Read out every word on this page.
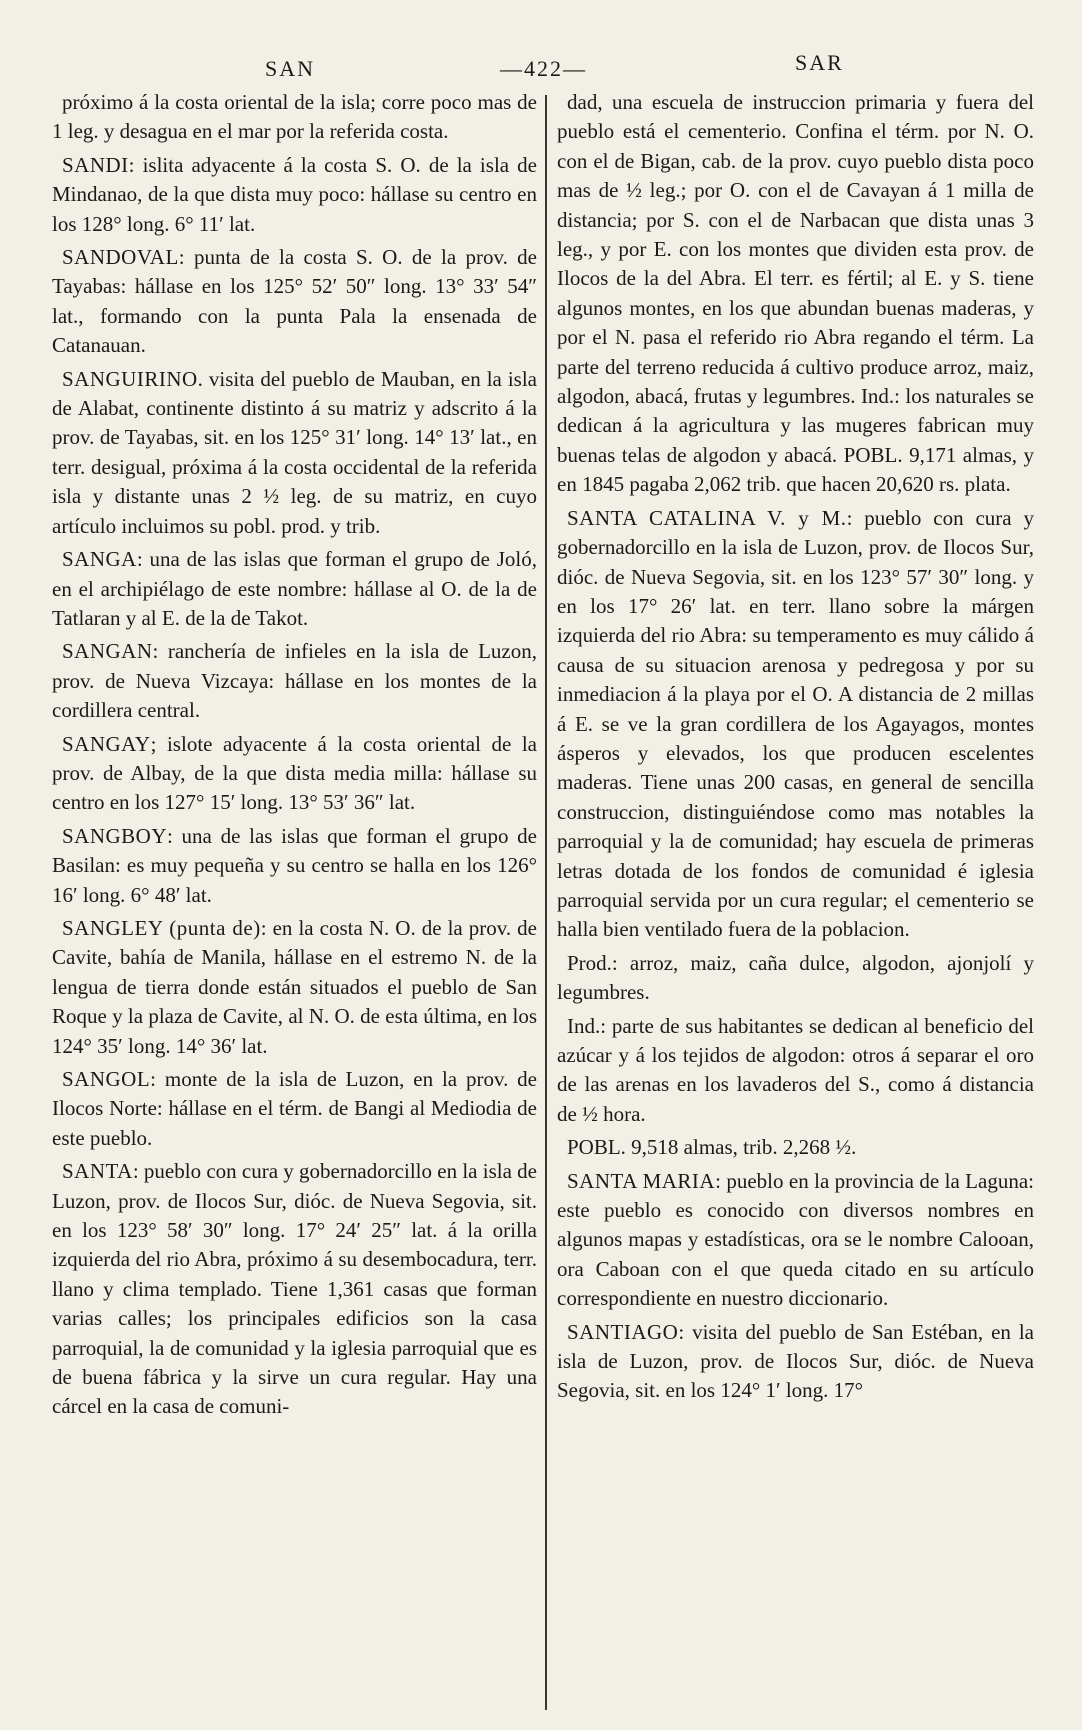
SAN	—422—	SAR

próximo á la costa oriental de la isla; corre poco mas de 1 leg. y desagua en el mar por la referida costa.

SANDI: islita adyacente á la costa S. O. de la isla de Mindanao, de la que dista muy poco: hállase su centro en los 128° long. 6° 11′ lat.

SANDOVAL: punta de la costa S. O. de la prov. de Tayabas: hállase en los 125° 52′ 50″ long. 13° 33′ 54″ lat., formando con la punta Pala la ensenada de Catanauan.

SANGUIRINO. visita del pueblo de Mauban, en la isla de Alabat, continente distinto á su matriz y adscrito á la prov. de Tayabas, sit. en los 125° 31′ long. 14° 13′ lat., en terr. desigual, próxima á la costa occidental de la referida isla y distante unas 2 ½ leg. de su matriz, en cuyo artículo incluimos su pobl. prod. y trib.

SANGA: una de las islas que forman el grupo de Joló, en el archipiélago de este nombre: hállase al O. de la de Tatlaran y al E. de la de Takot.

SANGAN: ranchería de infieles en la isla de Luzon, prov. de Nueva Vizcaya: hállase en los montes de la cordillera central.

SANGAY; islote adyacente á la costa oriental de la prov. de Albay, de la que dista media milla: hállase su centro en los 127° 15′ long. 13° 53′ 36″ lat.

SANGBOY: una de las islas que forman el grupo de Basilan: es muy pequeña y su centro se halla en los 126° 16′ long. 6° 48′ lat.

SANGLEY (punta de): en la costa N. O. de la prov. de Cavite, bahía de Manila, hállase en el estremo N. de la lengua de tierra donde están situados el pueblo de San Roque y la plaza de Cavite, al N. O. de esta última, en los 124° 35′ long. 14° 36′ lat.

SANGOL: monte de la isla de Luzon, en la prov. de Ilocos Norte: hállase en el térm. de Bangi al Mediodia de este pueblo.

SANTA: pueblo con cura y gobernadorcillo en la isla de Luzon, prov. de Ilocos Sur, dióc. de Nueva Segovia, sit. en los 123° 58′ 30″ long. 17° 24′ 25″ lat. á la orilla izquierda del rio Abra, próximo á su desembocadura, terr. llano y clima templado. Tiene 1,361 casas que forman varias calles; los principales edificios son la casa parroquial, la de comunidad y la iglesia parroquial que es de buena fábrica y la sirve un cura regular. Hay una cárcel en la casa de comuni-

dad, una escuela de instruccion primaria y fuera del pueblo está el cementerio. Confina el térm. por N. O. con el de Bigan, cab. de la prov. cuyo pueblo dista poco mas de ½ leg.; por O. con el de Cavayan á 1 milla de distancia; por S. con el de Narbacan que dista unas 3 leg., y por E. con los montes que dividen esta prov. de Ilocos de la del Abra. El terr. es fértil; al E. y S. tiene algunos montes, en los que abundan buenas maderas, y por el N. pasa el referido rio Abra regando el térm. La parte del terreno reducida á cultivo produce arroz, maiz, algodon, abacá, frutas y legumbres. Ind.: los naturales se dedican á la agricultura y las mugeres fabrican muy buenas telas de algodon y abacá. POBL. 9,171 almas, y en 1845 pagaba 2,062 trib. que hacen 20,620 rs. plata.

SANTA CATALINA V. y M.: pueblo con cura y gobernadorcillo en la isla de Luzon, prov. de Ilocos Sur, dióc. de Nueva Segovia, sit. en los 123° 57′ 30″ long. y en los 17° 26′ lat. en terr. llano sobre la márgen izquierda del rio Abra: su temperamento es muy cálido á causa de su situacion arenosa y pedregosa y por su inmediacion á la playa por el O. A distancia de 2 millas á E. se ve la gran cordillera de los Agayagos, montes ásperos y elevados, los que producen escelentes maderas. Tiene unas 200 casas, en general de sencilla construccion, distinguiéndose como mas notables la parroquial y la de comunidad; hay escuela de primeras letras dotada de los fondos de comunidad é iglesia parroquial servida por un cura regular; el cementerio se halla bien ventilado fuera de la poblacion.

Prod.: arroz, maiz, caña dulce, algodon, ajonjolí y legumbres.

Ind.: parte de sus habitantes se dedican al beneficio del azúcar y á los tejidos de algodon: otros á separar el oro de las arenas en los lavaderos del S., como á distancia de ½ hora.

POBL. 9,518 almas, trib. 2,268 ½.

SANTA MARIA: pueblo en la provincia de la Laguna: este pueblo es conocido con diversos nombres en algunos mapas y estadísticas, ora se le nombre Calooan, ora Caboan con el que queda citado en su artículo correspondiente en nuestro diccionario.

SANTIAGO: visita del pueblo de San Estéban, en la isla de Luzon, prov. de Ilocos Sur, dióc. de Nueva Segovia, sit. en los 124° 1′ long. 17°
